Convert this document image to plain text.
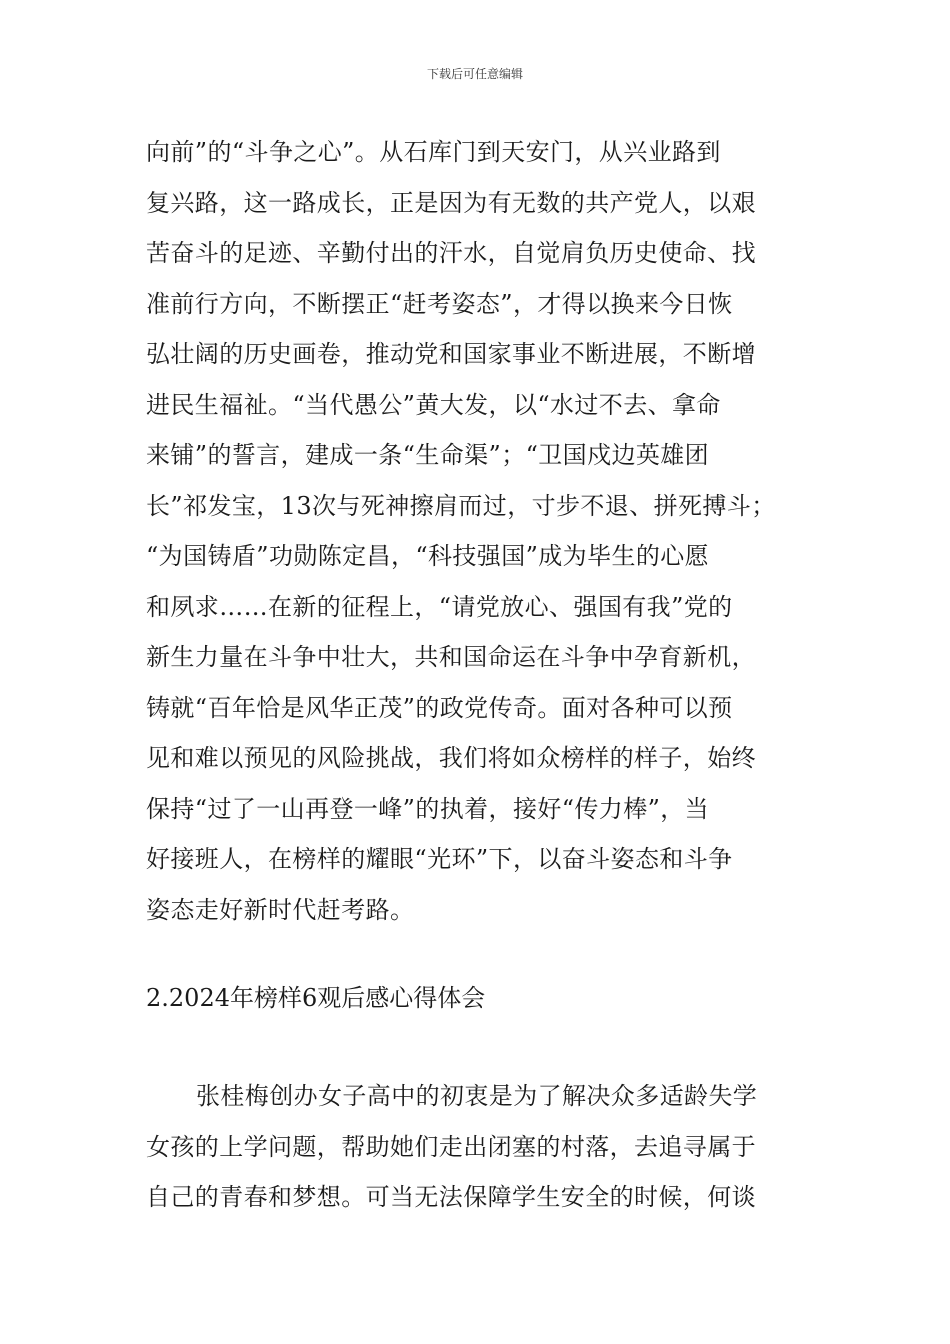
下载后可任意编辑
向前”的“斗争之心”。从石库门到天安门，从兴业路到
复兴路，这一路成长，正是因为有无数的共产党人，以艰
苦奋斗的足迹、辛勤付出的汗水，自觉肩负历史使命、找
准前行方向，不断摆正“赶考姿态”，才得以换来今日恢
弘壮阔的历史画卷，推动党和国家事业不断进展，不断增
进民生福祉。“当代愚公”黄大发，以“水过不去、拿命
来铺”的誓言，建成一条“生命渠”；“卫国戍边英雄团
长”祁发宝，13次与死神擦肩而过，寸步不退、拼死搏斗；
“为国铸盾”功勋陈定昌，“科技强国”成为毕生的心愿
和夙求……在新的征程上，“请党放心、强国有我”党的
新生力量在斗争中壮大，共和国命运在斗争中孕育新机，
铸就“百年恰是风华正茂”的政党传奇。面对各种可以预
见和难以预见的风险挑战，我们将如众榜样的样子，始终
保持“过了一山再登一峰”的执着，接好“传力棒”，当
好接班人，在榜样的耀眼“光环”下，以奋斗姿态和斗争
姿态走好新时代赶考路。
2.2024年榜样6观后感心得体会
张桂梅创办女子高中的初衷是为了解决众多适龄失学
女孩的上学问题，帮助她们走出闭塞的村落，去追寻属于
自己的青春和梦想。可当无法保障学生安全的时候，何谈
